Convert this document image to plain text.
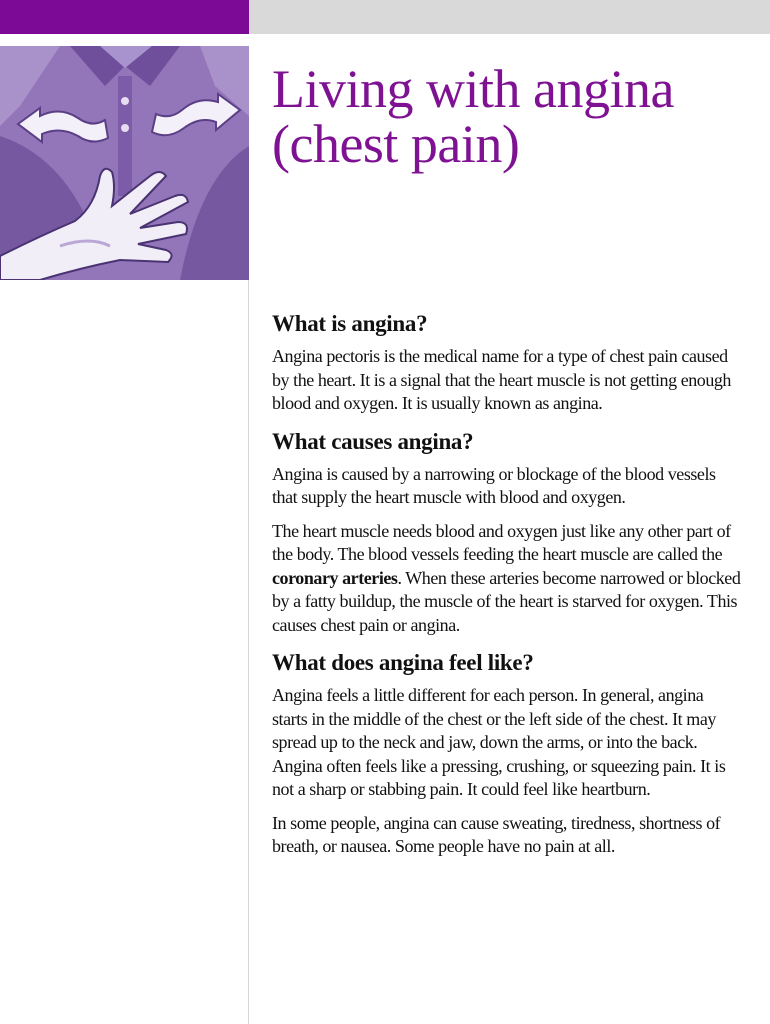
Living with angina (chest pain)
What is angina?

Angina pectoris is the medical name for a type of chest pain caused by the heart. It is a signal that the heart muscle is not getting enough blood and oxygen. It is usually known as angina.

What causes angina?

Angina is caused by a narrowing or blockage of the blood vessels that supply the heart muscle with blood and oxygen.

The heart muscle needs blood and oxygen just like any other part of the body. The blood vessels feeding the heart muscle are called the coronary arteries. When these arteries become narrowed or blocked by a fatty buildup, the muscle of the heart is starved for oxygen. This causes chest pain or angina.

What does angina feel like?

Angina feels a little different for each person. In general, angina starts in the middle of the chest or the left side of the chest. It may spread up to the neck and jaw, down the arms, or into the back. Angina often feels like a pressing, crushing, or squeezing pain. It is not a sharp or stabbing pain. It could feel like heartburn.

In some people, angina can cause sweating, tiredness, shortness of breath, or nausea. Some people have no pain at all.
